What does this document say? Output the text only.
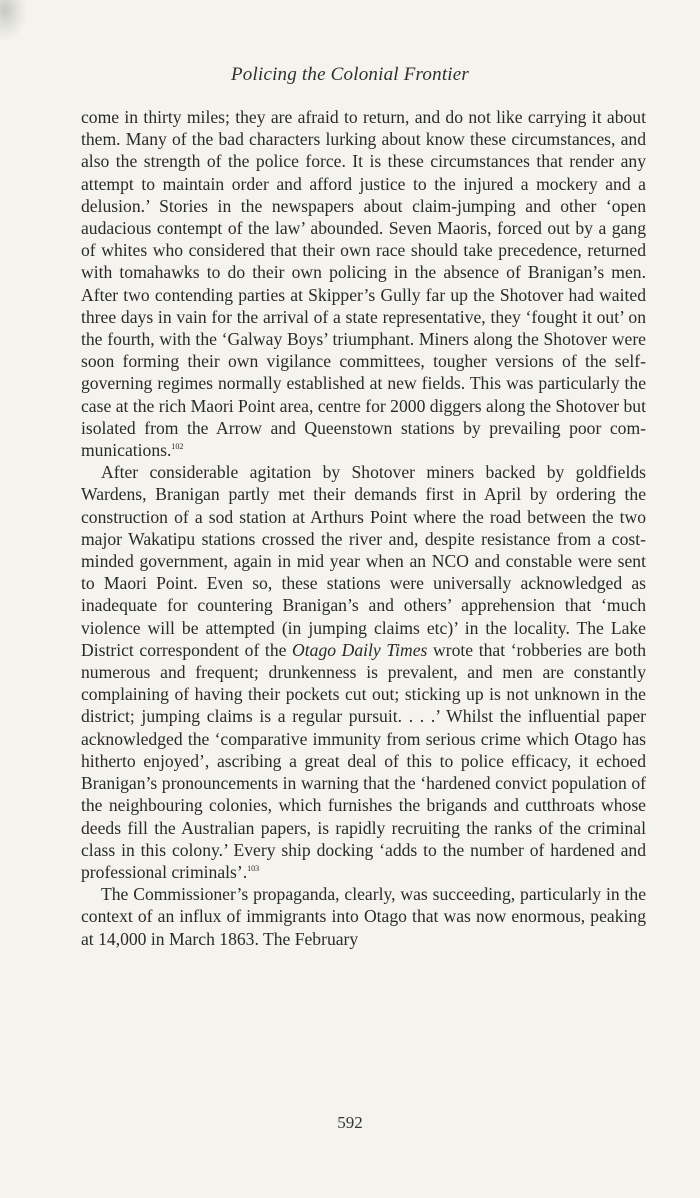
Policing the Colonial Frontier

come in thirty miles; they are afraid to return, and do not like carrying it about them. Many of the bad characters lurking about know these circumstances, and also the strength of the police force. It is these circumstances that render any attempt to maintain order and afford justice to the injured a mockery and a delusion.’ Stories in the newspapers about claim-jumping and other ‘open audacious contempt of the law’ abounded. Seven Maoris, forced out by a gang of whites who considered that their own race should take precedence, returned with tomahawks to do their own policing in the absence of Branigan’s men. After two contending parties at Skipper’s Gully far up the Shotover had waited three days in vain for the arrival of a state representative, they ‘fought it out’ on the fourth, with the ‘Galway Boys’ triumphant. Miners along the Shotover were soon forming their own vigilance committees, tougher versions of the self-governing regimes normally established at new fields. This was particularly the case at the rich Maori Point area, centre for 2000 diggers along the Shotover but isolated from the Arrow and Queenstown stations by prevailing poor communications.$^{102}$

After considerable agitation by Shotover miners backed by goldfields Wardens, Branigan partly met their demands first in April by ordering the construction of a sod station at Arthurs Point where the road between the two major Wakatipu stations crossed the river and, despite resistance from a cost-minded government, again in mid year when an NCO and constable were sent to Maori Point. Even so, these stations were universally acknowledged as inadequate for countering Branigan’s and others’ apprehension that ‘much violence will be attempted (in jumping claims etc)’ in the locality. The Lake District correspondent of the Otago Daily Times wrote that ‘robberies are both numerous and frequent; drunkenness is prevalent, and men are constantly complaining of having their pockets cut out; sticking up is not unknown in the district; jumping claims is a regular pursuit. . . .’ Whilst the influential paper acknowledged the ‘comparative immunity from serious crime which Otago has hitherto enjoyed’, ascribing a great deal of this to police efficacy, it echoed Branigan’s pronouncements in warning that the ‘hardened convict population of the neighbouring colonies, which furnishes the brigands and cutthroats whose deeds fill the Australian papers, is rapidly recruiting the ranks of the criminal class in this colony.’ Every ship docking ‘adds to the number of hardened and professional criminals’.$^{103}$

The Commissioner’s propaganda, clearly, was succeeding, particularly in the context of an influx of immigrants into Otago that was now enormous, peaking at 14,000 in March 1863. The February

592
